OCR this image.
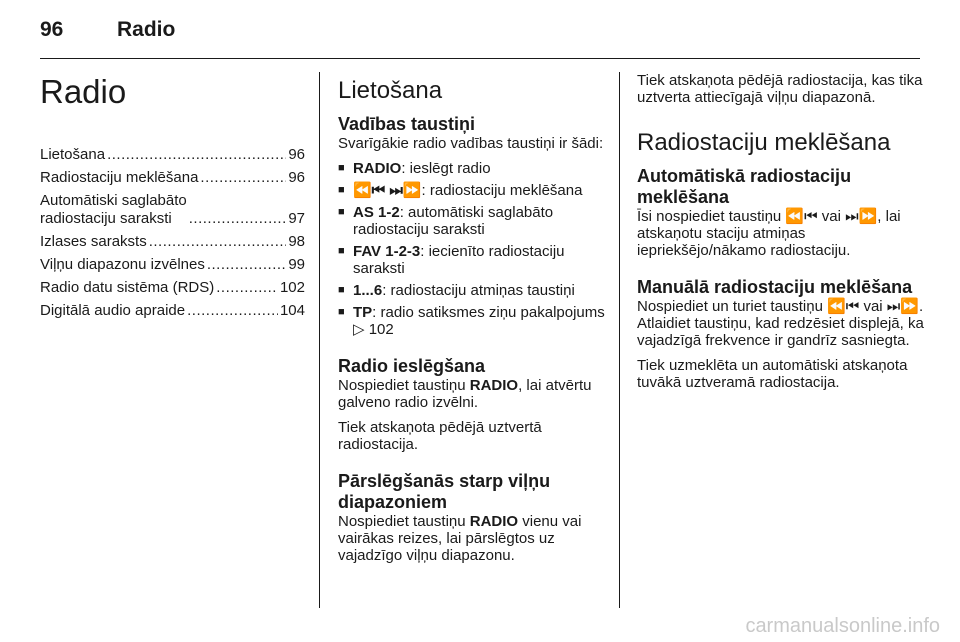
96	Radio
Radio
Lietošana .....	96
Radiostaciju meklēšana .....	96
Automātiski saglabāto
radiostaciju saraksti .....	97
Izlases saraksts .....	98
Viļņu diapazonu izvēlnes .....	99
Radio datu sistēma (RDS) .....	102
Digitālā audio apraide .....	104
Lietošana
Vadības taustiņi

Svarīgākie radio vadības taustiņi ir šādi:

■ RADIO: ieslēgt radio
■ ⏪⏮ ⏭⏩: radiostaciju meklēšana
■ AS 1-2: automātiski saglabāto radiostaciju saraksti
■ FAV 1-2-3: iecienīto radiostaciju saraksti
■ 1...6: radiostaciju atmiņas taustiņi
■ TP: radio satiksmes ziņu pakalpojums ▷ 102
Radio ieslēgšana

Nospiediet taustiņu RADIO, lai atvērtu galveno radio izvēlni.

Tiek atskaņota pēdējā uztvertā radiostacija.

Pārslēgšanās starp viļņu diapazoniem

Nospiediet taustiņu RADIO vienu vai vairākas reizes, lai pārslēgtos uz vajadzīgo viļņu diapazonu.

Tiek atskaņota pēdējā radiostacija, kas tika uztverta attiecīgajā viļņu diapazonā.

Radiostaciju meklēšana
Automātiskā radiostaciju meklēšana

Īsi nospiediet taustiņu ⏪⏮ vai ⏭⏩, lai atskaņotu staciju atmiņas iepriekšējo/nākamo radiostaciju.

Manuālā radiostaciju meklēšana

Nospiediet un turiet taustiņu ⏪⏮ vai ⏭⏩. Atlaidiet taustiņu, kad redzēsiet displejā, ka vajadzīgā frekvence ir gandrīz sasniegta.

Tiek uzmeklēta un automātiski atskaņota tuvākā uztveramā radiostacija.

carmanualsonline.info
